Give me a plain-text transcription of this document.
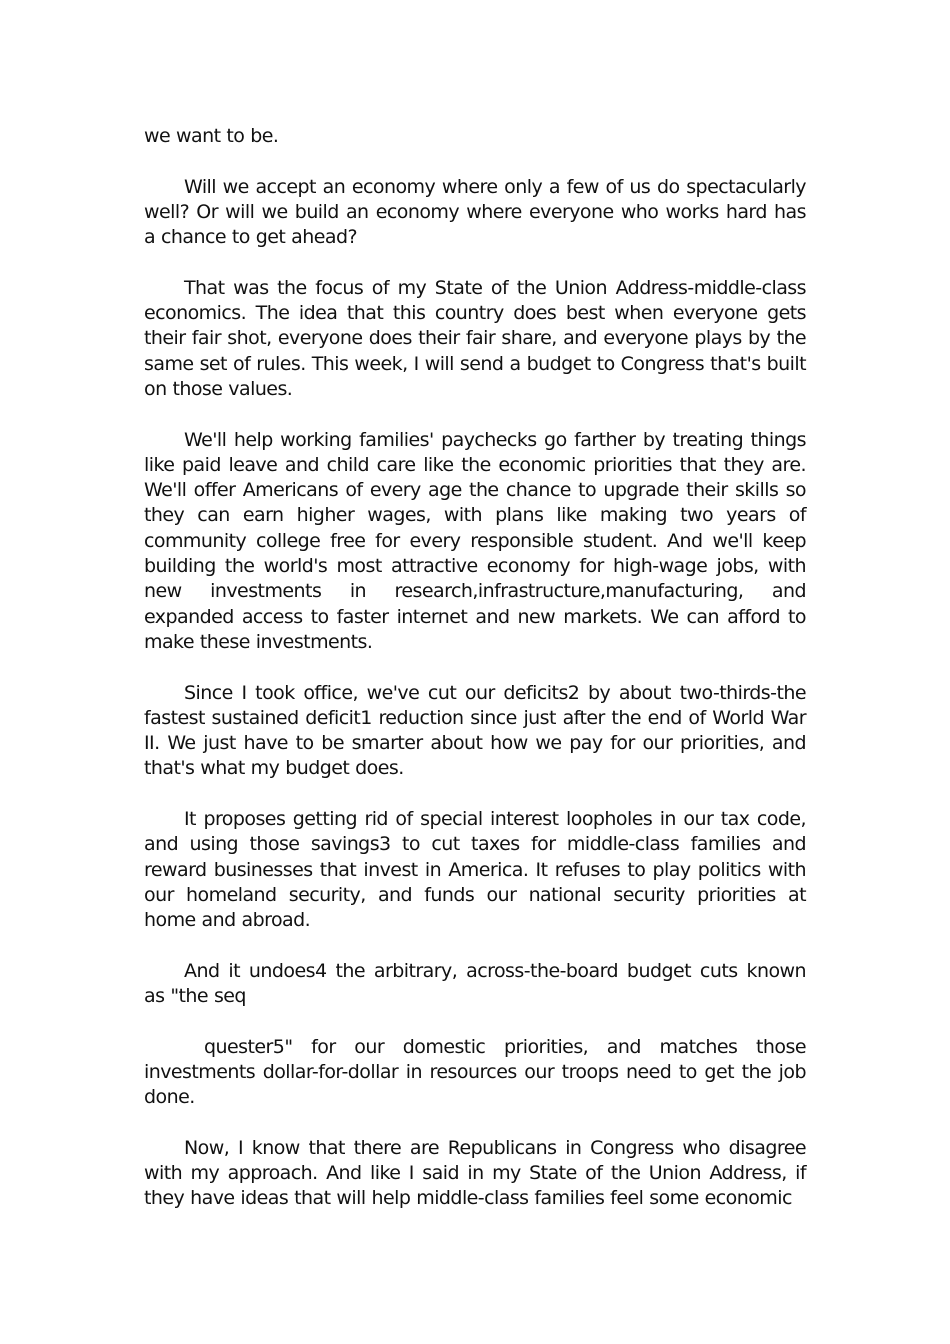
we want to be.

Will we accept an economy where only a few of us do spectacularly well? Or will we build an economy where everyone who works hard has a chance to get ahead?

That was the focus of my State of the Union Address-middle-class economics. The idea that this country does best when everyone gets their fair shot, everyone does their fair share, and everyone plays by the same set of rules. This week, I will send a budget to Congress that's built on those values.

We'll help working families' paychecks go farther by treating things like paid leave and child care like the economic priorities that they are. We'll offer Americans of every age the chance to upgrade their skills so they can earn higher wages, with plans like making two years of community college free for every responsible student. And we'll keep building the world's most attractive economy for high-wage jobs, with new investments in research,infrastructure,manufacturing, and expanded access to faster internet and new markets. We can afford to make these investments.

Since I took office, we've cut our deficits2 by about two-thirds-the fastest sustained deficit1 reduction since just after the end of World War II. We just have to be smarter about how we pay for our priorities, and that's what my budget does.

It proposes getting rid of special interest loopholes in our tax code, and using those savings3 to cut taxes for middle-class families and reward businesses that invest in America. It refuses to play politics with our homeland security, and funds our national security priorities at home and abroad.

And it undoes4 the arbitrary, across-the-board budget cuts known as "the seq

quester5" for our domestic priorities, and matches those investments dollar-for-dollar in resources our troops need to get the job done.

Now, I know that there are Republicans in Congress who disagree with my approach. And like I said in my State of the Union Address, if they have ideas that will help middle-class families feel some economic
